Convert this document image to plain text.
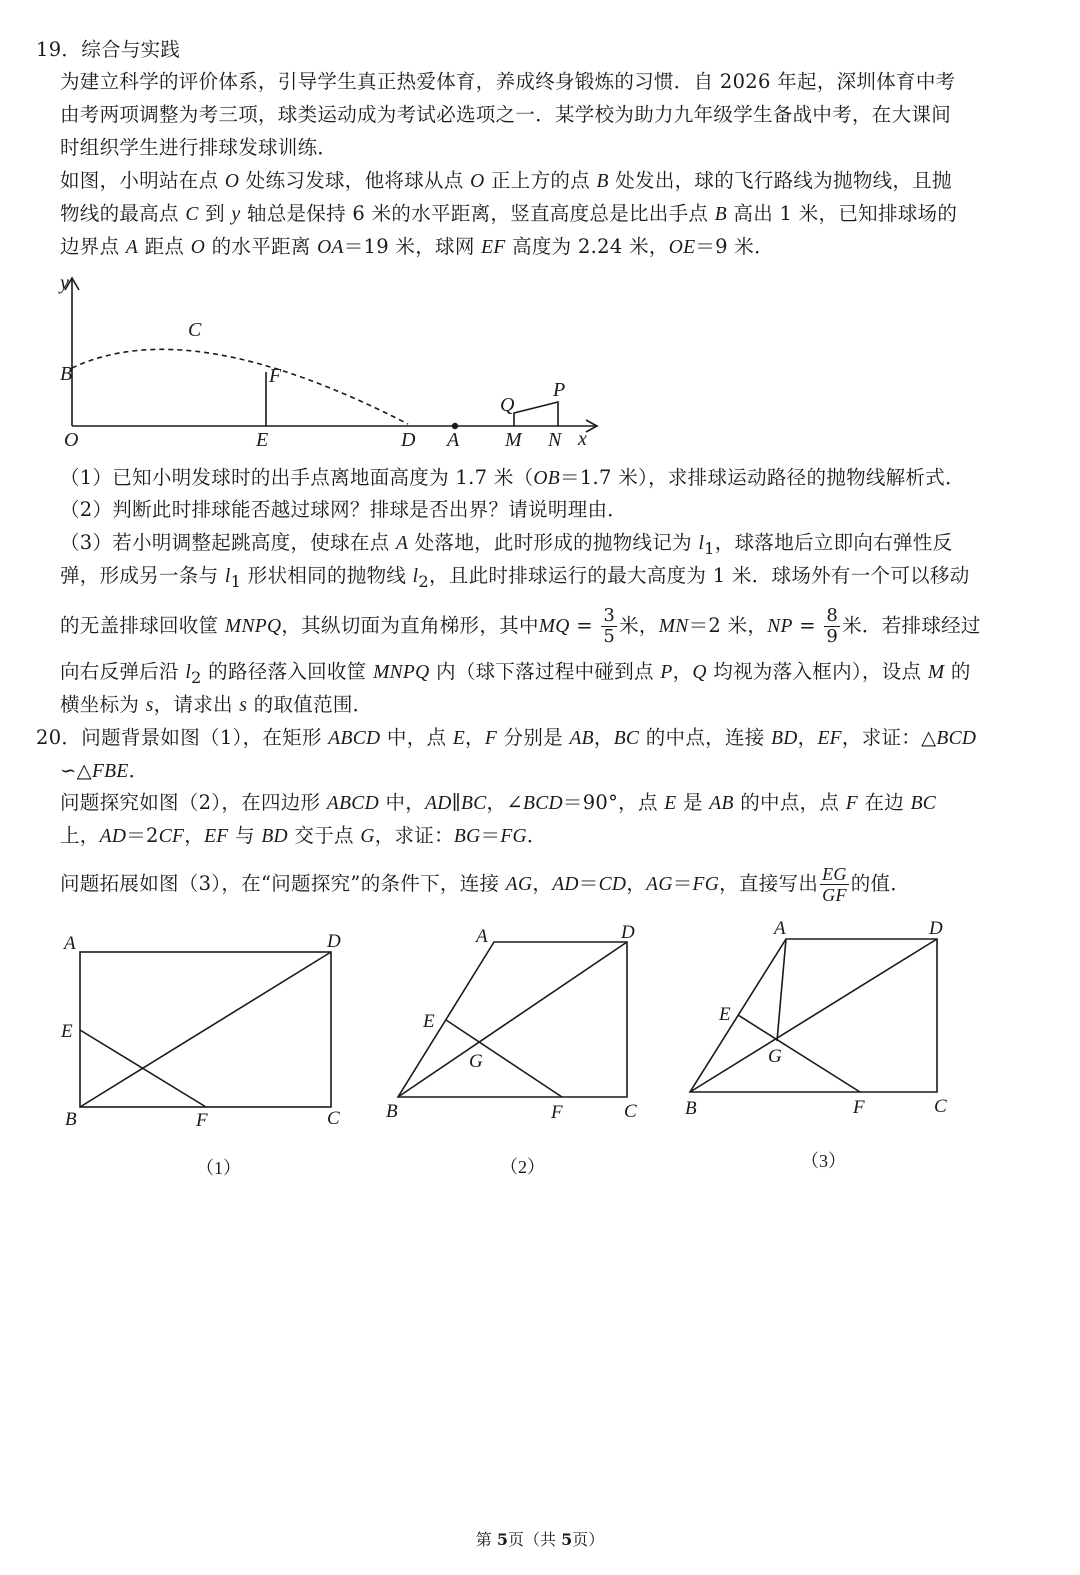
19．综合与实践
为建立科学的评价体系，引导学生真正热爱体育，养成终身锻炼的习惯．自 2026 年起，深圳体育中考
由考两项调整为考三项，球类运动成为考试必选项之一．某学校为助力九年级学生备战中考，在大课间
时组织学生进行排球发球训练．
如图，小明站在点 O 处练习发球，他将球从点 O 正上方的点 B 处发出，球的飞行路线为抛物线，且抛
物线的最高点 C 到 y 轴总是保持 6 米的水平距离，竖直高度总是比出手点 B 高出 1 米，已知排球场的
边界点 A 距点 O 的水平距离 OA＝19 米，球网 EF 高度为 2.24 米，OE＝9 米．
y
x
O
B
C
F
E	D A
Q
P
M N
（1）已知小明发球时的出手点离地面高度为 1.7 米（OB＝1.7 米），求排球运动路径的抛物线解析式．
（2）判断此时排球能否越过球网？排球是否出界？请说明理由．
（3）若小明调整起跳高度，使球在点 A 处落地，此时形成的抛物线记为 $l_1$，球落地后立即向右弹性反
弹，形成另一条与 $l_1$ 形状相同的抛物线 $l_2$，且此时排球运行的最大高度为 1 米．球场外有一个可以移动
的无盖排球回收筐 MNPQ，其纵切面为直角梯形，其中MQ = $\frac{3}{5}$ 米，MN＝2 米，NP = $\frac{8}{9}$ 米．若排球经过
向右反弹后沿 $l_2$ 的路径落入回收筐 MNPQ 内（球下落过程中碰到点 P，Q 均视为落入框内），设点 M 的
横坐标为 s，请求出 s 的取值范围．
20．问题背景如图（1），在矩形 ABCD 中，点 E，F 分别是 AB，BC 的中点，连接 BD，EF，求证：△BCD
∽△FBE．
问题探究如图（2），在四边形 ABCD 中，AD∥BC，∠BCD＝90°，点 E 是 AB 的中点，点 F 在边 BC
上，AD＝2CF，EF 与 BD 交于点 G，求证：BG＝FG．
问题拓展如图（3），在“问题探究”的条件下，连接 AG，AD＝CD，AG＝FG，直接写出 $\frac{EG}{GF}$ 的值．
A	D
E
B	F	C
A	D
E
G
B	F	C
A	D
E
G
B	F	C
（1）	（2）	（3）
第 5页（共 5页）
